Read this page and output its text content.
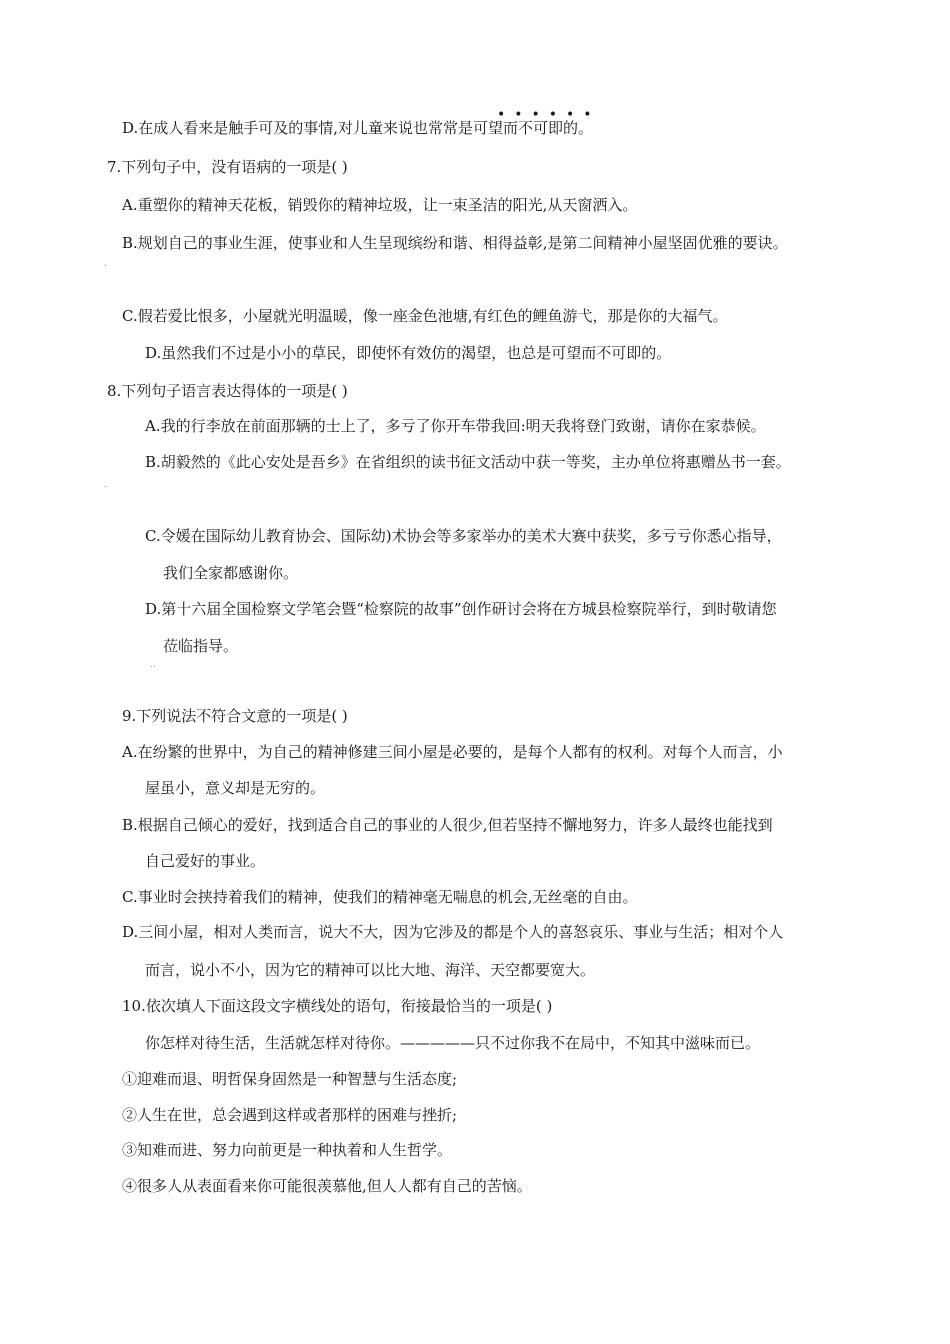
••••••
D.在成人看来是触手可及的事情,对儿童来说也常常是可望而不可即的。
7.下列句子中，没有语病的一项是( )
A.重塑你的精神天花板，销毁你的精神垃圾，让一束圣洁的阳光,从天窗洒入。
B.规划自己的事业生涯，使事业和人生呈现缤纷和谐、相得益彰,是第二间精神小屋坚固优雅的要诀。
.
C.假若爱比恨多，小屋就光明温暖，像一座金色池塘,有红色的鲤鱼游弋，那是你的大福气。
D.虽然我们不过是小小的草民，即使怀有效仿的渴望，也总是可望而不可即的。
8.下列句子语言表达得体的一项是( )
A.我的行李放在前面那辆的士上了，多亏了你开车带我回:明天我将登门致谢，请你在家恭候。
B.胡毅然的《此心安处是吾乡》在省组织的读书征文活动中获一等奖，主办单位将惠赠丛书一套。
.
C.令媛在国际幼儿教育协会、国际幼)术协会等多家举办的美术大赛中获奖，多亏亏你悉心指导，
我们全家都感谢你。
D.第十六届全国检察文学笔会暨“检察院的故事”创作研讨会将在方城县检察院举行，到时敬请您
莅临指导。
..
9.下列说法不符合文意的一项是( )
A.在纷繁的世界中，为自己的精神修建三间小屋是必要的，是每个人都有的权利。对每个人而言，小
屋虽小，意义却是无穷的。
B.根据自己倾心的爱好，找到适合自己的事业的人很少,但若坚持不懈地努力，许多人最终也能找到
自己爱好的事业。
C.事业时会挟持着我们的精神，使我们的精神毫无喘息的机会,无丝毫的自由。
D.三间小屋，相对人类而言，说大不大，因为它涉及的都是个人的喜怒哀乐、事业与生活；相对个人
而言，说小不小，因为它的精神可以比大地、海洋、天空都要宽大。
10.依次填人下面这段文字横线处的语句，衔接最恰当的一项是( )
你怎样对待生活，生活就怎样对待你。—————只不过你我不在局中，不知其中滋味而已。
①迎难而退、明哲保身固然是一种智慧与生活态度;
②人生在世，总会遇到这样或者那样的困难与挫折;
③知难而进、努力向前更是一种执着和人生哲学。
④很多人从表面看来你可能很羡慕他,但人人都有自己的苦恼。
